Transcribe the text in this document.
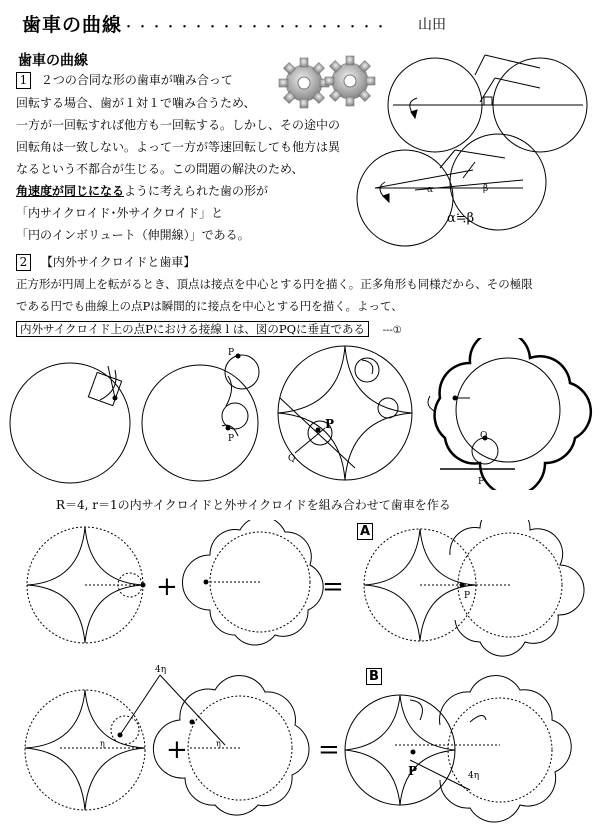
歯車の曲線・・・・・・・・・・・・・・・・・・・ 山田
歯車の曲線
1 ２つの合同な形の歯車が噛み合って
回転する場合、歯が１対１で噛み合うため、
一方が一回転すれば他方も一回転する。しかし、その途中の
回転角は一致しない。よって一方が等速回転しても他方は異
なるという不都合が生じる。この問題の解決のため、
角速度が同じになるように考えられた歯の形が
「内サイクロイド･外サイクロイド」と
「円のインボリュート（伸開線）」である。
α	β
α≒β
2 【内外サイクロイドと歯車】
正方形が円周上を転がるとき、頂点は接点を中心とする円を描く。正多角形も同様だから、その極限
である円でも曲線上の点Pは瞬間的に接点を中心とする円を描く。よって、
内外サイクロイド上の点Pにおける接線 l は、図のPQに垂直である ---①
P
P
P
Q
Q
P
R＝4, r＝1の内サイクロイドと外サイクロイドを組み合わせて歯車を作る
A
+	=	P
B
4η
η	η
+	=
P	4η
